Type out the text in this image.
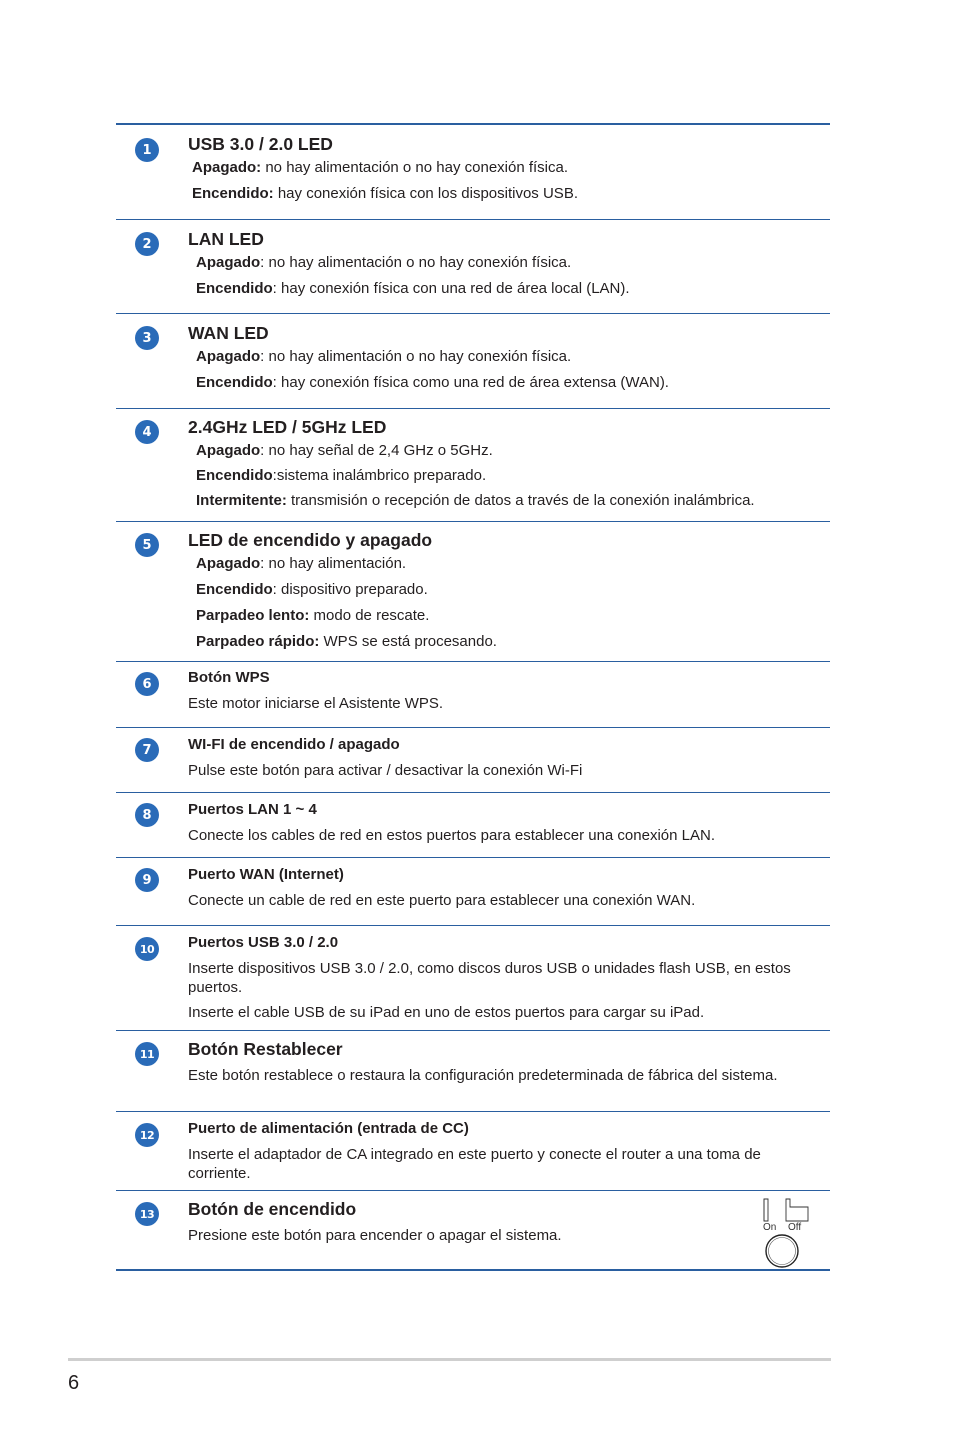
1	USB 3.0 / 2.0 LED
Apagado: no hay alimentación o no hay conexión física.
Encendido: hay conexión física con los dispositivos USB.
2	LAN LED
Apagado: no hay alimentación o no hay conexión física.
Encendido: hay conexión física con una red de área local (LAN).
3	WAN LED
Apagado: no hay alimentación o no hay conexión física.
Encendido: hay conexión física como una red de área extensa (WAN).
4	2.4GHz LED / 5GHz LED
Apagado: no hay señal de 2,4 GHz o 5GHz.
Encendido:sistema inalámbrico preparado.
Intermitente: transmisión o recepción de datos a través de la conexión inalámbrica.
5	LED de encendido y apagado
Apagado: no hay alimentación.
Encendido: dispositivo preparado.
Parpadeo lento: modo de rescate.
Parpadeo rápido: WPS se está procesando.
6	Botón WPS
Este motor iniciarse el Asistente WPS.
7	WI-FI de encendido / apagado
Pulse este botón para activar / desactivar la conexión Wi-Fi
8	Puertos LAN 1 ~ 4
Conecte los cables de red en estos puertos para establecer una conexión LAN.
9	Puerto WAN (Internet)
Conecte un cable de red en este puerto para establecer una conexión WAN.
10	Puertos USB 3.0 / 2.0
Inserte dispositivos USB 3.0 / 2.0, como discos duros USB o unidades flash USB, en estos puertos.
Inserte el cable USB de su iPad en uno de estos puertos para cargar su iPad.
11 Botón Restablecer
Este botón restablece o restaura la configuración predeterminada de fábrica del sistema.
12	Puerto de alimentación (entrada de CC)
Inserte el adaptador de CA integrado en este puerto y conecte el router a una toma de corriente.
13 Botón de encendido
Presione este botón para encender o apagar el sistema.	On Off
6
